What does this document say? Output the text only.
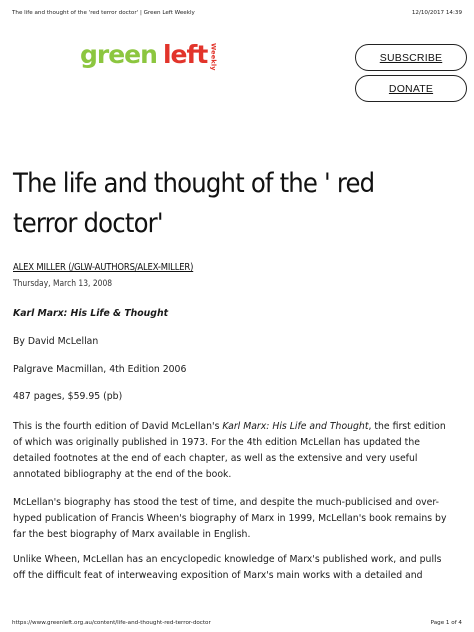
The life and thought of the 'red terror doctor' | Green Left Weekly	12/10/2017 14:39
green left Weekly	SUBSCRIBE
DONATE
The life and thought of the ' red terror doctor'
ALEX MILLER (/GLW-AUTHORS/ALEX-MILLER)
Thursday, March 13, 2008

Karl Marx: His Life & Thought

By David McLellan

Palgrave Macmillan, 4th Edition 2006

487 pages, $59.95 (pb)

This is the fourth edition of David McLellan's Karl Marx: His Life and Thought, the first edition of which was originally published in 1973. For the 4th edition McLellan has updated the detailed footnotes at the end of each chapter, as well as the extensive and very useful annotated bibliography at the end of the book.

McLellan's biography has stood the test of time, and despite the much-publicised and over-hyped publication of Francis Wheen's biography of Marx in 1999, McLellan's book remains by far the best biography of Marx available in English.

Unlike Wheen, McLellan has an encyclopedic knowledge of Marx's published work, and pulls off the difficult feat of interweaving exposition of Marx's main works with a detailed and

https://www.greenleft.org.au/content/life-and-thought-red-terror-doctor	Page 1 of 4
